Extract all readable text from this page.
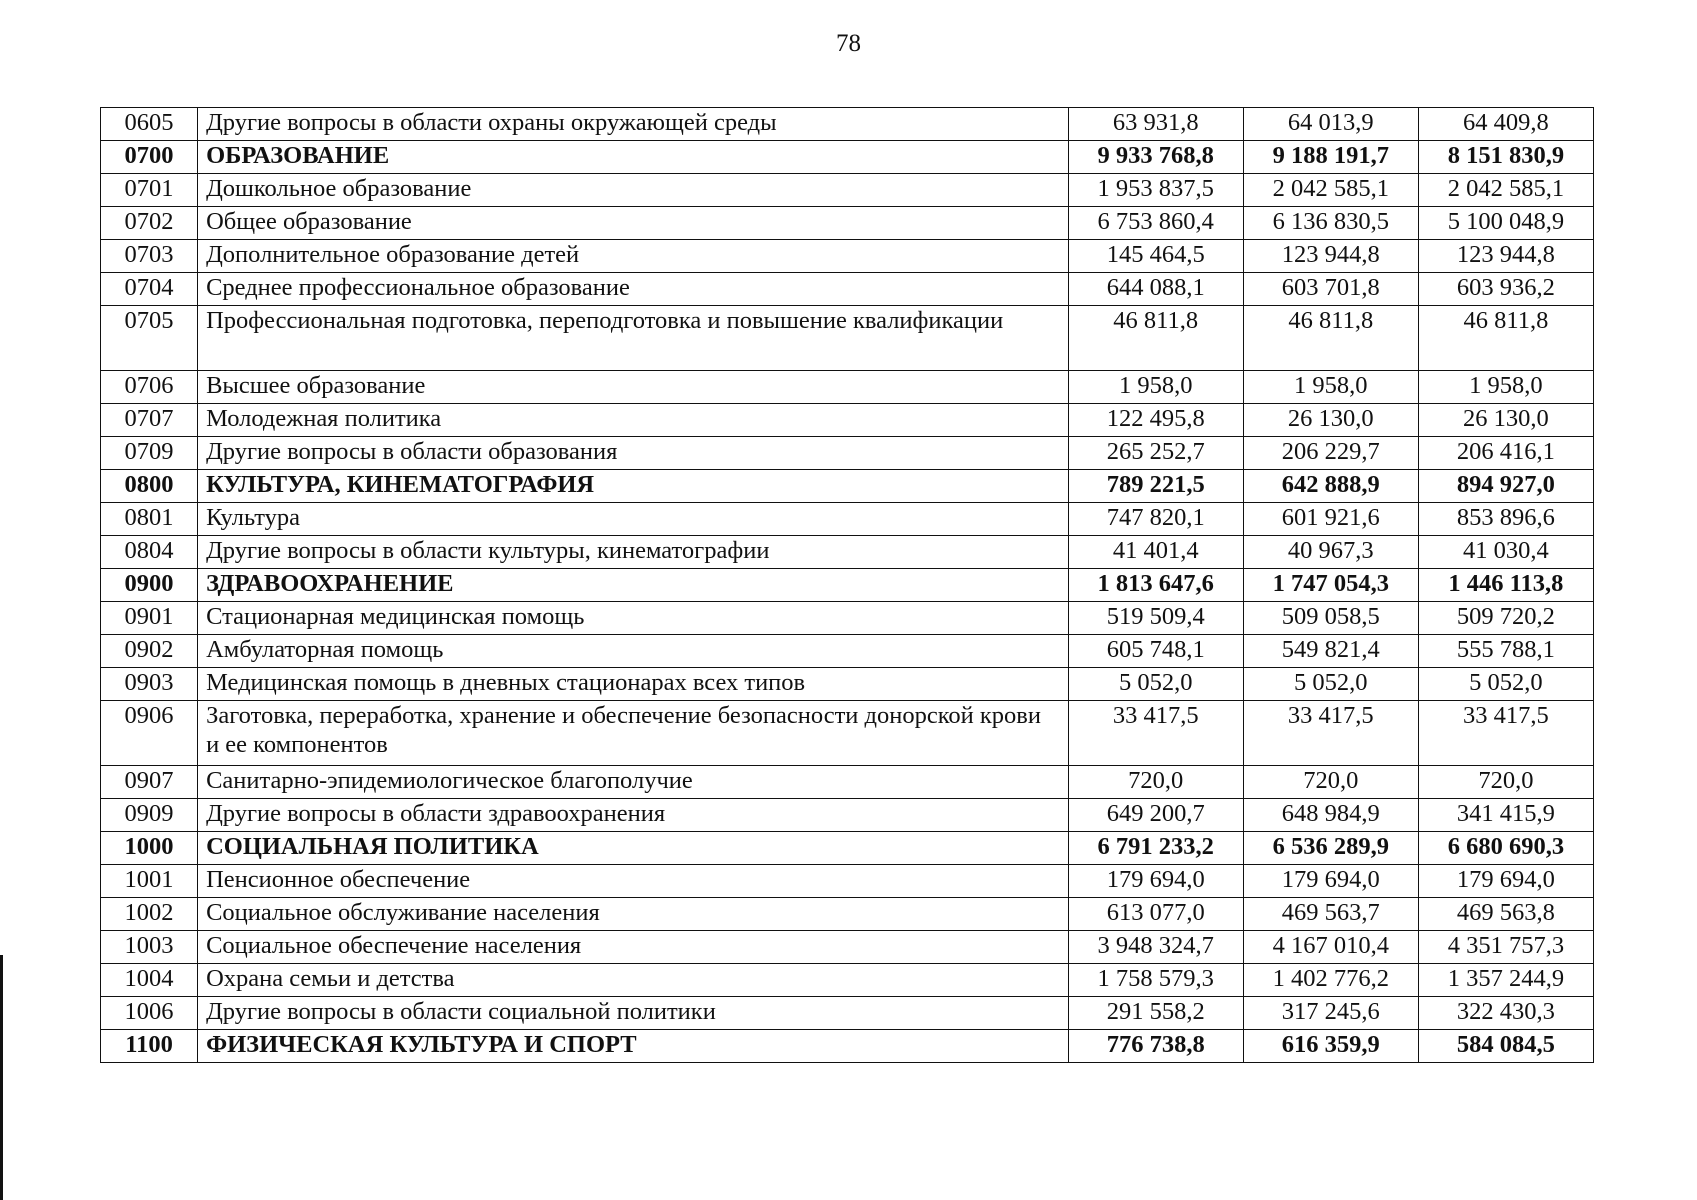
78
0605	Другие вопросы в области охраны окружающей среды	63 931,8	64 013,9	64 409,8
0700	ОБРАЗОВАНИЕ	9 933 768,8	9 188 191,7	8 151 830,9
0701	Дошкольное образование	1 953 837,5	2 042 585,1	2 042 585,1
0702	Общее образование	6 753 860,4	6 136 830,5	5 100 048,9
0703	Дополнительное образование детей	145 464,5	123 944,8	123 944,8
0704	Среднее профессиональное образование	644 088,1	603 701,8	603 936,2
0705	Профессиональная подготовка, переподготовка и повышение квалификации	46 811,8	46 811,8	46 811,8
0706	Высшее образование	1 958,0	1 958,0	1 958,0
0707	Молодежная политика	122 495,8	26 130,0	26 130,0
0709	Другие вопросы в области образования	265 252,7	206 229,7	206 416,1
0800	КУЛЬТУРА, КИНЕМАТОГРАФИЯ	789 221,5	642 888,9	894 927,0
0801	Культура	747 820,1	601 921,6	853 896,6
0804	Другие вопросы в области культуры, кинематографии	41 401,4	40 967,3	41 030,4
0900	ЗДРАВООХРАНЕНИЕ	1 813 647,6	1 747 054,3	1 446 113,8
0901	Стационарная медицинская помощь	519 509,4	509 058,5	509 720,2
0902	Амбулаторная помощь	605 748,1	549 821,4	555 788,1
0903	Медицинская помощь в дневных стационарах всех типов	5 052,0	5 052,0	5 052,0
0906	Заготовка, переработка, хранение и обеспечение безопасности донорской крови и ее компонентов	33 417,5	33 417,5	33 417,5
0907	Санитарно-эпидемиологическое благополучие	720,0	720,0	720,0
0909	Другие вопросы в области здравоохранения	649 200,7	648 984,9	341 415,9
1000	СОЦИАЛЬНАЯ ПОЛИТИКА	6 791 233,2	6 536 289,9	6 680 690,3
1001	Пенсионное обеспечение	179 694,0	179 694,0	179 694,0
1002	Социальное обслуживание населения	613 077,0	469 563,7	469 563,8
1003	Социальное обеспечение населения	3 948 324,7	4 167 010,4	4 351 757,3
1004	Охрана семьи и детства	1 758 579,3	1 402 776,2	1 357 244,9
1006	Другие вопросы в области социальной политики	291 558,2	317 245,6	322 430,3
1100	ФИЗИЧЕСКАЯ КУЛЬТУРА И СПОРТ	776 738,8	616 359,9	584 084,5
